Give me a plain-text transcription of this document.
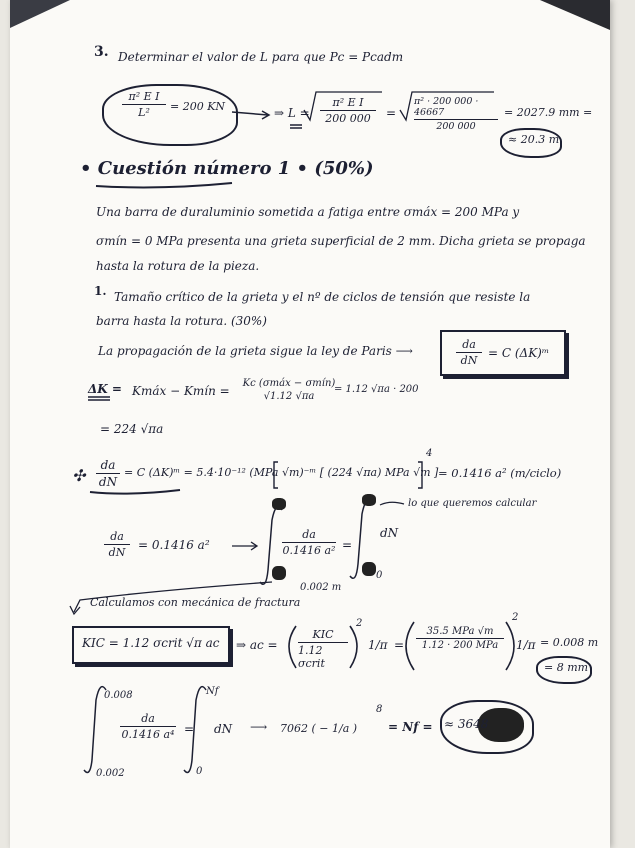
3. Determinar el valor de L para que Pc = Pcadm
π² E I
L² = 200 KN	⇒ L =
π² E I
200 000 =
π² · 200 000 · 46667
200 000
= 2027.9 mm =
≈ 20.3 m
• Cuestión número 1 • (50%)
Una barra de duraluminio sometida a fatiga entre σmáx = 200 MPa y
σmín = 0 MPa presenta una grieta superficial de 2 mm. Dicha grieta se propaga
hasta la rotura de la pieza.
1. Tamaño crítico de la grieta y el nº de ciclos de tensión que resiste la
barra hasta la rotura. (30%)
La propagación de la grieta sigue la ley de Paris ⟶	da
dN
= C (ΔK)ᵐ
ΔK = Kmáx − Kmín =
Kc (σmáx − σmín)
√1.12 √πa
= 1.12 √πa · 200
= 224 √πa
✣
da
dN
= C (ΔK)ᵐ = 5.4·10⁻¹² (MPa √m)⁻ᵐ [ (224 √πa) MPa √m ]
4
= 0.1416 a² (m/ciclo)
da
dN
= 0.1416 a²
da
0.1416 a² =
dN
0.002 m
0
lo que queremos calcular
Calculamos con mecánica de fractura
KIC = 1.12 σcrit √π ac ⇒ ac =
KIC
1.12 σcrit
2
1/π =
35.5 MPa √m
1.12 · 200 MPa
2
1/π = 0.008 m
= 8 mm
0.008
0.002
da
0.1416 a⁴ =
Nf
0
dN ⟶ 7062 ( − 1/a )
8
= Nf = ≈ 3648
